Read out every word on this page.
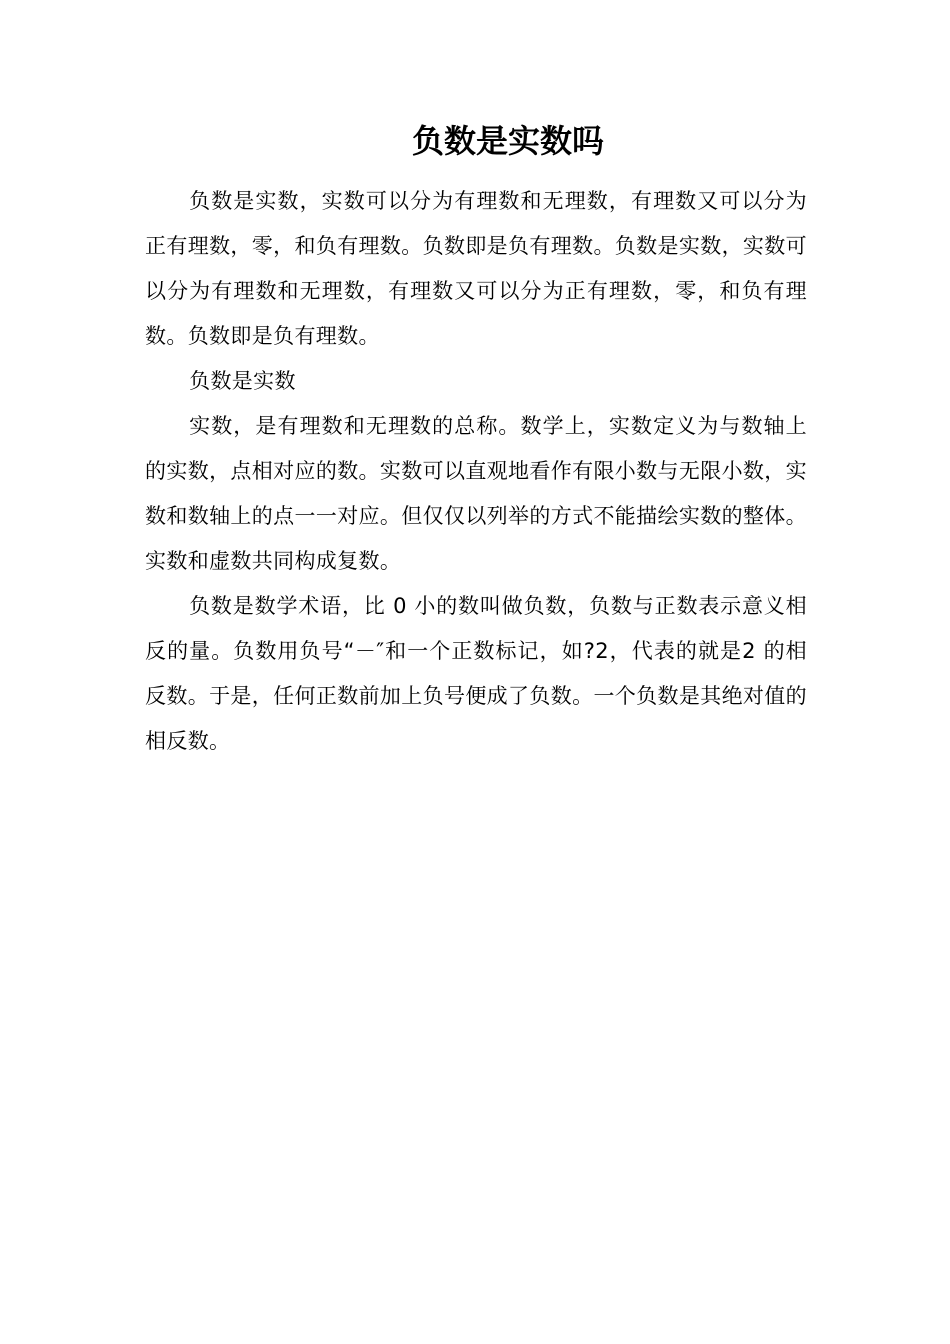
负数是实数吗

负数是实数，实数可以分为有理数和无理数，有理数又可以分为正有理数，零，和负有理数。负数即是负有理数。负数是实数，实数可以分为有理数和无理数，有理数又可以分为正有理数，零，和负有理数。负数即是负有理数。

负数是实数

实数，是有理数和无理数的总称。数学上，实数定义为与数轴上的实数，点相对应的数。实数可以直观地看作有限小数与无限小数，实数和数轴上的点一一对应。但仅仅以列举的方式不能描绘实数的整体。实数和虚数共同构成复数。

负数是数学术语，比 0 小的数叫做负数，负数与正数表示意义相反的量。负数用负号“－″和一个正数标记，如?2，代表的就是2 的相反数。于是，任何正数前加上负号便成了负数。一个负数是其绝对值的相反数。
